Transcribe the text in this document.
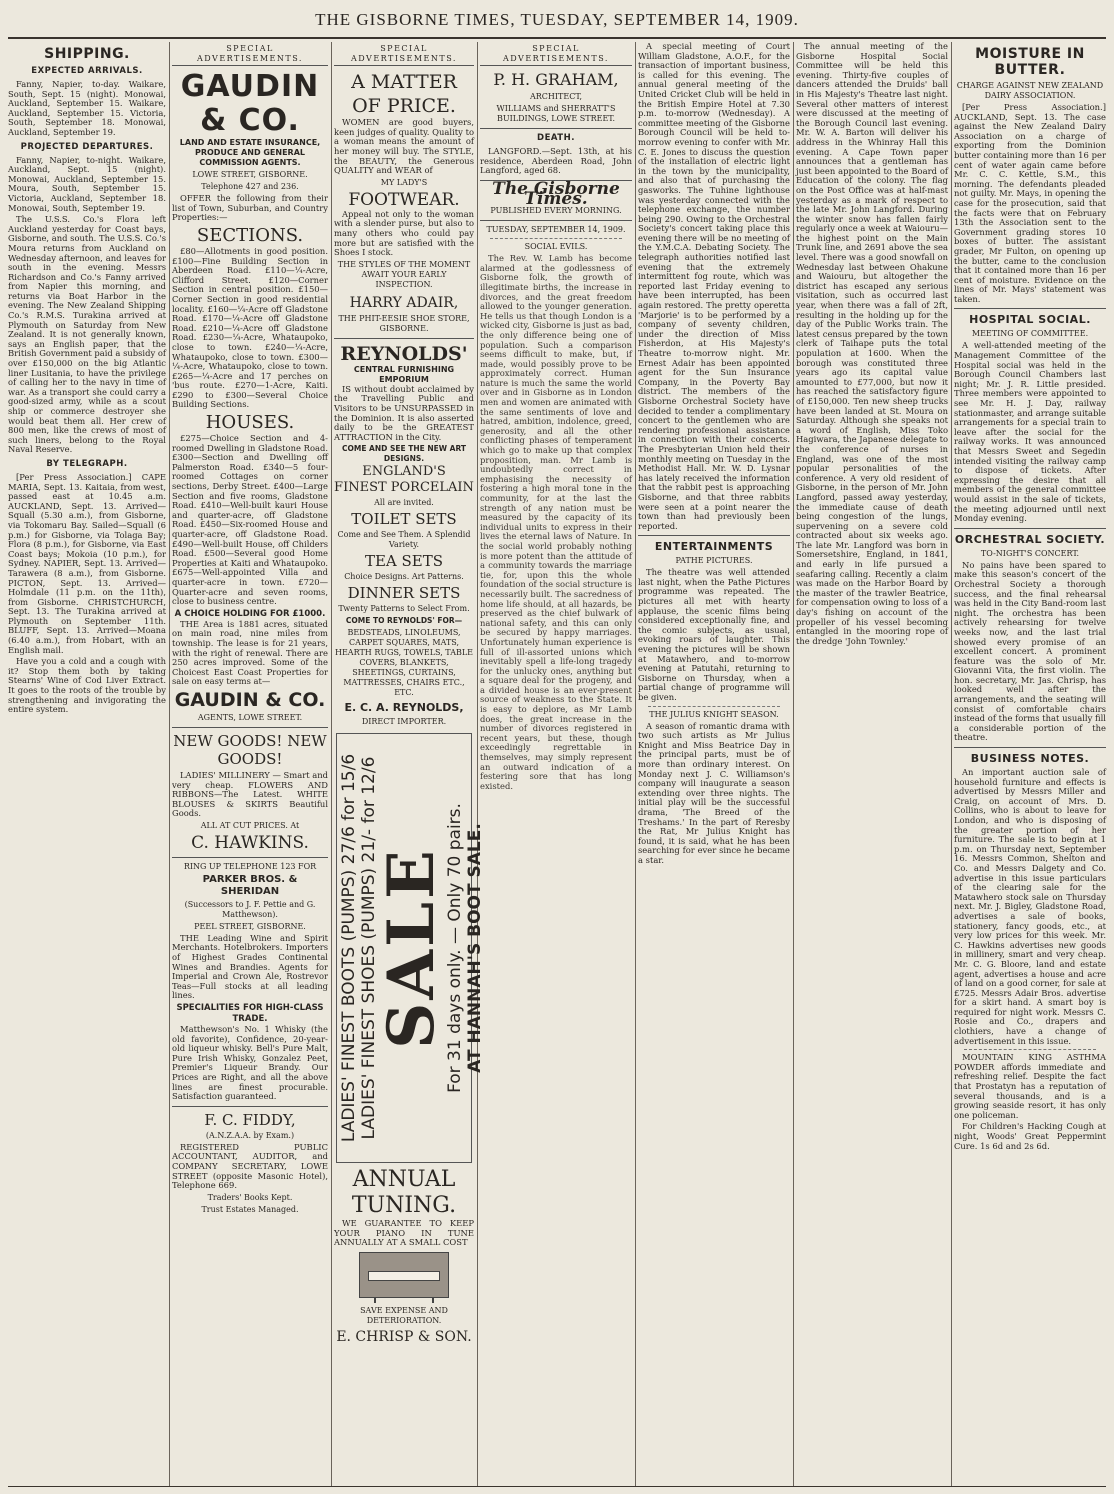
THE GISBORNE TIMES, TUESDAY, SEPTEMBER 14, 1909.
SHIPPING.
EXPECTED ARRIVALS.

Fanny, Napier, to-day. Waikare, South, Sept. 15 (night). Monowai, Auckland, September 15. Waikare, Auckland, September 15. Victoria, South, September 18. Monowai, Auckland, September 19.

PROJECTED DEPARTURES.

Fanny, Napier, to-night. Waikare, Auckland, Sept. 15 (night). Monowai, Auckland, September 15. Moura, South, September 15. Victoria, Auckland, September 18. Monowai, South, September 19.

The U.S.S. Co.'s Flora left Auckland yesterday for Coast bays, Gisborne, and south. The U.S.S. Co.'s Moura returns from Auckland on Wednesday afternoon, and leaves for south in the evening. Messrs Richardson and Co.'s Fanny arrived from Napier this morning, and returns via Boat Harbor in the evening. The New Zealand Shipping Co.'s R.M.S. Turakina arrived at Plymouth on Saturday from New Zealand. It is not generally known, says an English paper, that the British Government paid a subsidy of over £150,000 on the big Atlantic liner Lusitania, to have the privilege of calling her to the navy in time of war. As a transport she could carry a good-sized army, while as a scout ship or commerce destroyer she would beat them all. Her crew of 800 men, like the crews of most of such liners, belong to the Royal Naval Reserve.

BY TELEGRAPH.

[Per Press Association.] CAPE MARIA, Sept. 13. Kaitaia, from west, passed east at 10.45 a.m. AUCKLAND, Sept. 13. Arrived—Squall (5.30 a.m.), from Gisborne, via Tokomaru Bay. Sailed—Squall (6 p.m.) for Gisborne, via Tolaga Bay; Flora (8 p.m.), for Gisborne, via East Coast bays; Mokoia (10 p.m.), for Sydney. NAPIER, Sept. 13. Arrived—Tarawera (8 a.m.), from Gisborne. PICTON, Sept. 13. Arrived—Holmdale (11 p.m. on the 11th), from Gisborne. CHRISTCHURCH, Sept. 13. The Turakina arrived at Plymouth on September 11th. BLUFF, Sept. 13. Arrived—Moana (6.40 a.m.), from Hobart, with an English mail.

Have you a cold and a cough with it? Stop them both by taking Stearns' Wine of Cod Liver Extract. It goes to the roots of the trouble by strengthening and invigorating the entire system.

SPECIAL ADVERTISEMENTS.
GAUDIN & CO.
LAND AND ESTATE INSURANCE, PRODUCE AND GENERAL COMMISSION AGENTS.
LOWE STREET, GISBORNE.
Telephone 427 and 236.

OFFER the following from their list of Town, Suburban, and Country Properties:—

SECTIONS.

£80—Allotments in good position. £100—Fine Building Section in Aberdeen Road. £110—¼-Acre, Clifford Street. £120—Corner Section in central position. £150—Corner Section in good residential locality. £160—¼-Acre off Gladstone Road. £170—¼-Acre off Gladstone Road. £210—¼-Acre off Gladstone Road. £230—¼-Acre, Whataupoko, close to town. £240—¼-Acre, Whataupoko, close to town. £300—¼-Acre, Whataupoko, close to town. £265—¼-Acre and 17 perches on 'bus route. £270—1-Acre, Kaiti. £290 to £300—Several Choice Building Sections.

HOUSES.

£275—Choice Section and 4-roomed Dwelling in Gladstone Road. £300—Section and Dwelling off Palmerston Road. £340—5 four-roomed Cottages on corner sections, Derby Street. £400—Large Section and five rooms, Gladstone Road. £410—Well-built kauri House and quarter-acre, off Gladstone Road. £450—Six-roomed House and quarter-acre, off Gladstone Road. £490—Well-built House, off Childers Road. £500—Several good Home Properties at Kaiti and Whataupoko. £675—Well-appointed Villa and quarter-acre in town. £720—Quarter-acre and seven rooms, close to business centre.

A CHOICE HOLDING FOR £1000.

THE Area is 1881 acres, situated on main road, nine miles from township. The lease is for 21 years, with the right of renewal. There are 250 acres improved. Some of the Choicest East Coast Properties for sale on easy terms at—

GAUDIN & CO.
AGENTS, LOWE STREET.
NEW GOODS! NEW GOODS!

LADIES' MILLINERY — Smart and very cheap. FLOWERS AND RIBBONS—The Latest. WHITE BLOUSES & SKIRTS Beautiful Goods.

ALL AT CUT PRICES. At
C. HAWKINS.
RING UP TELEPHONE 123 FOR
PARKER BROS. & SHERIDAN
(Successors to J. F. Pettie and G. Matthewson).
PEEL STREET, GISBORNE.

THE Leading Wine and Spirit Merchants. Hotelbrokers. Importers of Highest Grades Continental Wines and Brandies. Agents for Imperial and Crown Ale, Rostrevor Teas—Full stocks at all leading lines.

SPECIALITIES FOR HIGH-CLASS TRADE.

Matthewson's No. 1 Whisky (the old favorite), Confidence, 20-year-old liqueur whisky. Bell's Pure Malt, Pure Irish Whisky, Gonzalez Peet, Premier's Liqueur Brandy. Our Prices are Right, and all the above lines are finest procurable. Satisfaction guaranteed.

F. C. FIDDY,
(A.N.Z.A.A. by Exam.)

REGISTERED PUBLIC ACCOUNTANT, AUDITOR, and COMPANY SECRETARY, LOWE STREET (opposite Masonic Hotel), Telephone 669.

Traders' Books Kept.
Trust Estates Managed.
SPECIAL ADVERTISEMENTS.
A MATTER OF PRICE.

WOMEN are good buyers, keen judges of quality. Quality to a woman means the amount of her money will buy. The STYLE, the BEAUTY, the Generous QUALITY and WEAR of

MY LADY'S
FOOTWEAR.

Appeal not only to the woman with a slender purse, but also to many others who could pay more but are satisfied with the Shoes I stock.

THE STYLES OF THE MOMENT AWAIT YOUR EARLY INSPECTION.
HARRY ADAIR,
THE PHIT-EESIE SHOE STORE, GISBORNE.
REYNOLDS'
CENTRAL FURNISHING EMPORIUM

IS without doubt acclaimed by the Travelling Public and Visitors to be UNSURPASSED in the Dominion. It is also asserted daily to be the GREATEST ATTRACTION in the City.

COME AND SEE THE NEW ART DESIGNS.
ENGLAND'S FINEST PORCELAIN
All are invited.
TOILET SETS
Come and See Them. A Splendid Variety.
TEA SETS
Choice Designs. Art Patterns.
DINNER SETS
Twenty Patterns to Select From.
COME TO REYNOLDS' FOR—
BEDSTEADS, LINOLEUMS, CARPET SQUARES, MATS, HEARTH RUGS, TOWELS, TABLE COVERS, BLANKETS, SHEETINGS, CURTAINS, MATTRESSES, CHAIRS ETC., ETC.
E. C. A. REYNOLDS,
DIRECT IMPORTER.
LADIES' FINEST BOOTS (PUMPS) 27/6 for 15/6 LADIES' FINEST SHOES (PUMPS) 21/- for 12/6
SALE
For 31 days only. — Only 70 pairs. AT HANNAH'S BOOT SALE.
ANNUAL
TUNING.

WE GUARANTEE TO KEEP YOUR PIANO IN TUNE ANNUALLY AT A SMALL COST

SAVE EXPENSE AND DETERIORATION.
E. CHRISP & SON.
SPECIAL ADVERTISEMENTS.
P. H. GRAHAM,
ARCHITECT,
WILLIAMS and SHERRATT'S BUILDINGS, LOWE STREET.
DEATH.

LANGFORD.—Sept. 13th, at his residence, Aberdeen Road, John Langford, aged 68.

The Gisborne Times.
PUBLISHED EVERY MORNING.
TUESDAY, SEPTEMBER 14, 1909.
SOCIAL EVILS.

The Rev. W. Lamb has become alarmed at the godlessness of Gisborne folk, the growth of illegitimate births, the increase in divorces, and the great freedom allowed to the younger generation. He tells us that though London is a wicked city, Gisborne is just as bad, the only difference being one of population. Such a comparison seems difficult to make, but, if made, would possibly prove to be approximately correct. Human nature is much the same the world over and in Gisborne as in London men and women are animated with the same sentiments of love and hatred, ambition, indolence, greed, generosity, and all the other conflicting phases of temperament which go to make up that complex proposition, man. Mr Lamb is undoubtedly correct in emphasising the necessity of fostering a high moral tone in the community, for at the last the strength of any nation must be measured by the capacity of its individual units to express in their lives the eternal laws of Nature. In the social world probably nothing is more potent than the attitude of a community towards the marriage tie, for, upon this the whole foundation of the social structure is necessarily built. The sacredness of home life should, at all hazards, be preserved as the chief bulwark of national safety, and this can only be secured by happy marriages. Unfortunately human experience is full of ill-assorted unions which inevitably spell a life-long tragedy for the unlucky ones, anything but a square deal for the progeny, and a divided house is an ever-present source of weakness to the State. It is easy to deplore, as Mr Lamb does, the great increase in the number of divorces registered in recent years, but these, though exceedingly regrettable in themselves, may simply represent an outward indication of a festering sore that has long existed.

A special meeting of Court William Gladstone, A.O.F., for the transaction of important business, is called for this evening. The annual general meeting of the United Cricket Club will be held in the British Empire Hotel at 7.30 p.m. to-morrow (Wednesday). A committee meeting of the Gisborne Borough Council will be held to-morrow evening to confer with Mr. C. E. Jones to discuss the question of the installation of electric light in the town by the municipality, and also that of purchasing the gasworks. The Tuhine lighthouse was yesterday connected with the telephone exchange, the number being 290. Owing to the Orchestral Society's concert taking place this evening there will be no meeting of the Y.M.C.A. Debating Society. The telegraph authorities notified last evening that the extremely intermittent fog route, which was reported last Friday evening to have been interrupted, has been again restored. The pretty operetta 'Marjorie' is to be performed by a company of seventy children, under the direction of Miss Fisherdon, at His Majesty's Theatre to-morrow night. Mr. Ernest Adair has been appointed agent for the Sun Insurance Company, in the Poverty Bay district. The members of the Gisborne Orchestral Society have decided to tender a complimentary concert to the gentlemen who are rendering professional assistance in connection with their concerts. The Presbyterian Union held their monthly meeting on Tuesday in the Methodist Hall. Mr. W. D. Lysnar has lately received the information that the rabbit pest is approaching Gisborne, and that three rabbits were seen at a point nearer the town than had previously been reported.

ENTERTAINMENTS
PATHE PICTURES.

The theatre was well attended last night, when the Pathe Pictures programme was repeated. The pictures all met with hearty applause, the scenic films being considered exceptionally fine, and the comic subjects, as usual, evoking roars of laughter. This evening the pictures will be shown at Matawhero, and to-morrow evening at Patutahi, returning to Gisborne on Thursday, when a partial change of programme will be given.

THE JULIUS KNIGHT SEASON.

A season of romantic drama with two such artists as Mr Julius Knight and Miss Beatrice Day in the principal parts, must be of more than ordinary interest. On Monday next J. C. Williamson's company will inaugurate a season extending over three nights. The initial play will be the successful drama, 'The Breed of the Treshams.' In the part of Reresby the Rat, Mr Julius Knight has found, it is said, what he has been searching for ever since he became a star.

The annual meeting of the Gisborne Hospital Social Committee will be held this evening. Thirty-five couples of dancers attended the Druids' ball in His Majesty's Theatre last night. Several other matters of interest were discussed at the meeting of the Borough Council last evening. Mr. W. A. Barton will deliver his address in the Whinray Hall this evening. A Cape Town paper announces that a gentleman has just been appointed to the Board of Education of the colony. The flag on the Post Office was at half-mast yesterday as a mark of respect to the late Mr. John Langford. During the winter snow has fallen fairly regularly once a week at Waiouru—the highest point on the Main Trunk line, and 2691 above the sea level. There was a good snowfall on Wednesday last between Ohakune and Waiouru, but altogether the district has escaped any serious visitation, such as occurred last year, when there was a fall of 2ft, resulting in the holding up for the day of the Public Works train. The latest census prepared by the town clerk of Taihape puts the total population at 1600. When the borough was constituted three years ago its capital value amounted to £77,000, but now it has reached the satisfactory figure of £150,000. Ten new sheep trucks have been landed at St. Moura on Saturday. Although she speaks not a word of English, Miss Toko Hagiwara, the Japanese delegate to the conference of nurses in England, was one of the most popular personalities of the conference. A very old resident of Gisborne, in the person of Mr. John Langford, passed away yesterday, the immediate cause of death being congestion of the lungs, supervening on a severe cold contracted about six weeks ago. The late Mr. Langford was born in Somersetshire, England, in 1841, and early in life pursued a seafaring calling. Recently a claim was made on the Harbor Board by the master of the trawler Beatrice, for compensation owing to loss of a day's fishing on account of the propeller of his vessel becoming entangled in the mooring rope of the dredge 'John Townley.'

MOISTURE IN BUTTER.
CHARGE AGAINST NEW ZEALAND DAIRY ASSOCIATION.

[Per Press Association.] AUCKLAND, Sept. 13. The case against the New Zealand Dairy Association on a charge of exporting from the Dominion butter containing more than 16 per cent of water again came before Mr. C. C. Kettle, S.M., this morning. The defendants pleaded not guilty. Mr. Mays, in opening the case for the prosecution, said that the facts were that on February 13th the Association sent to the Government grading stores 10 boxes of butter. The assistant grader, Mr Fulton, on opening up the butter, came to the conclusion that it contained more than 16 per cent of moisture. Evidence on the lines of Mr. Mays' statement was taken.

HOSPITAL SOCIAL.
MEETING OF COMMITTEE.

A well-attended meeting of the Management Committee of the Hospital social was held in the Borough Council Chambers last night; Mr. J. R. Little presided. Three members were appointed to see Mr. H. J. Day, railway stationmaster, and arrange suitable arrangements for a special train to leave after the social for the railway works. It was announced that Messrs Sweet and Segedin intended visiting the railway camp to dispose of tickets. After expressing the desire that all members of the general committee would assist in the sale of tickets, the meeting adjourned until next Monday evening.

ORCHESTRAL SOCIETY.
TO-NIGHT'S CONCERT.

No pains have been spared to make this season's concert of the Orchestral Society a thorough success, and the final rehearsal was held in the City Band-room last night. The orchestra has been actively rehearsing for twelve weeks now, and the last trial showed every promise of an excellent concert. A prominent feature was the solo of Mr. Giovanni Vita, the first violin. The hon. secretary, Mr. Jas. Chrisp, has looked well after the arrangements, and the seating will consist of comfortable chairs instead of the forms that usually fill a considerable portion of the theatre.

BUSINESS NOTES.

An important auction sale of household furniture and effects is advertised by Messrs Miller and Craig, on account of Mrs. D. Collins, who is about to leave for London, and who is disposing of the greater portion of her furniture. The sale is to begin at 1 p.m. on Thursday next, September 16. Messrs Common, Shelton and Co. and Messrs Dalgety and Co. advertise in this issue particulars of the clearing sale for the Matawhero stock sale on Thursday next. Mr. J. Bigley, Gladstone Road, advertises a sale of books, stationery, fancy goods, etc., at very low prices for this week. Mr. C. Hawkins advertises new goods in millinery, smart and very cheap. Mr. C. G. Bloore, land and estate agent, advertises a house and acre of land on a good corner, for sale at £725. Messrs Adair Bros. advertise for a skirt hand. A smart boy is required for night work. Messrs C. Rosie and Co., drapers and clothiers, have a change of advertisement in this issue.

MOUNTAIN KING ASTHMA POWDER affords immediate and refreshing relief. Despite the fact that Prostatyn has a reputation of several thousands, and is a growing seaside resort, it has only one policeman.

For Children's Hacking Cough at night, Woods' Great Peppermint Cure. 1s 6d and 2s 6d.
